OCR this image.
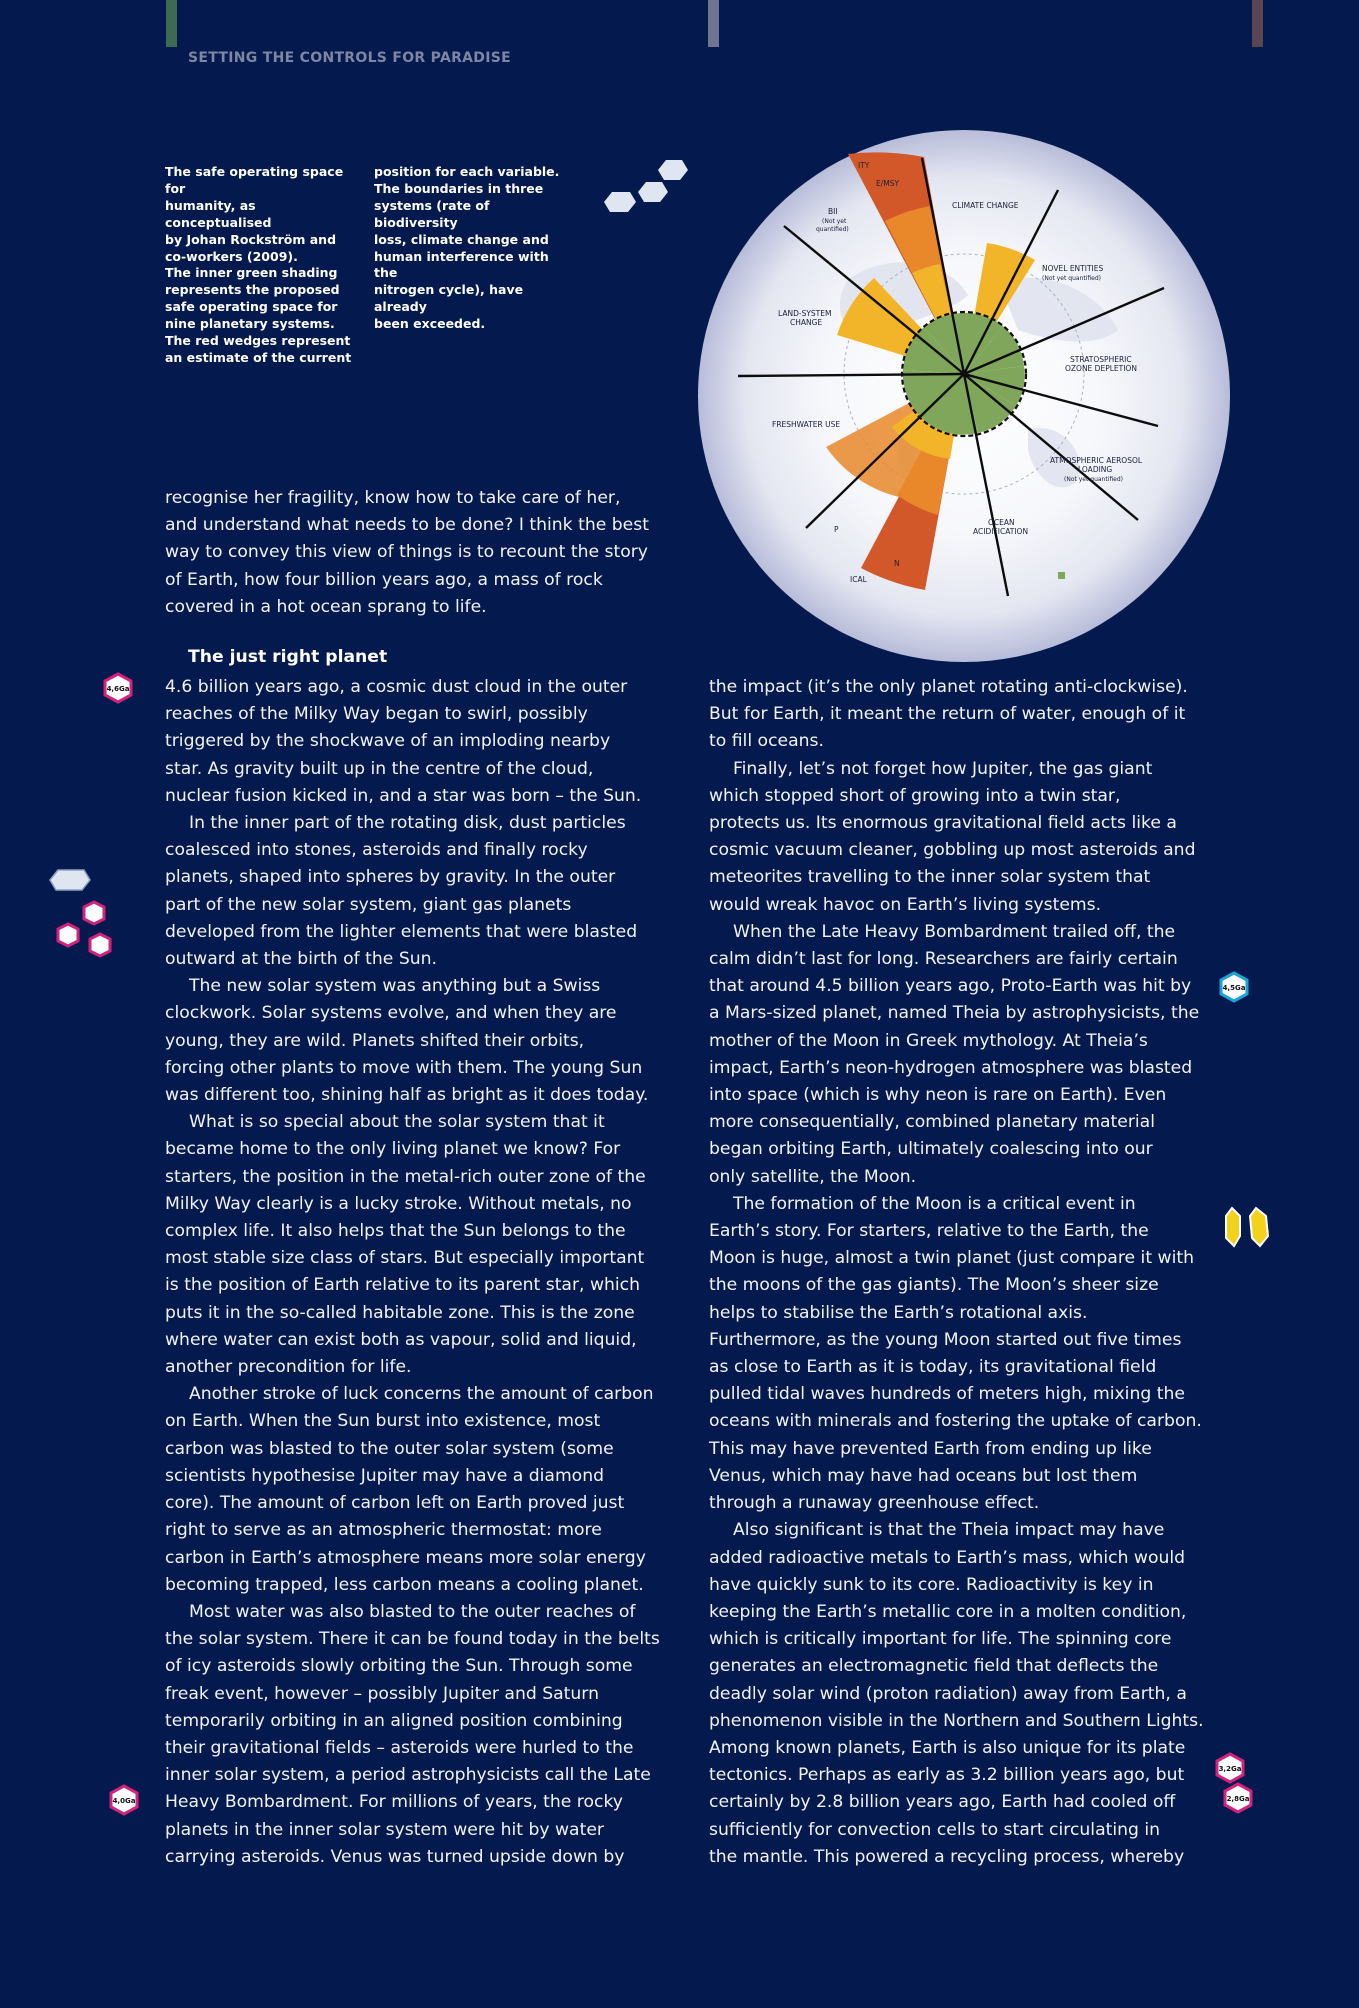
SETTING THE CONTROLS FOR PARADISE

The safe operating space for

humanity, as conceptualised

by Johan Rockström and

co-workers (2009).

The inner green shading

represents the proposed

safe operating space for

nine planetary systems.

The red wedges represent

an estimate of the current

position for each variable.

The boundaries in three

systems (rate of biodiversity

loss, climate change and

human interference with the

nitrogen cycle), have already

been exceeded.

ITY
E/MSY
BII
(Not yet
quantified)
CLIMATE CHANGE
NOVEL ENTITIES
(Not yet quantified)
LAND-SYSTEM
CHANGE
STRATOSPHERIC
OZONE DEPLETION
FRESHWATER USE
ATMOSPHERIC AEROSOL
LOADING
(Not yet quantified)
OCEAN
ACIDIFICATION
P
N
ICAL

recognise her fragility, know how to take care of her,

and understand what needs to be done? I think the best

way to convey this view of things is to recount the story

of Earth, how four billion years ago, a mass of rock

covered in a hot ocean sprang to life.

The just right planet

4.6 billion years ago, a cosmic dust cloud in the outer
reaches of the Milky Way began to swirl, possibly
triggered by the shockwave of an imploding nearby
star. As gravity built up in the centre of the cloud,
nuclear fusion kicked in, and a star was born – the Sun.

In the inner part of the rotating disk, dust particles
coalesced into stones, asteroids and finally rocky
planets, shaped into spheres by gravity. In the outer
part of the new solar system, giant gas planets
developed from the lighter elements that were blasted
outward at the birth of the Sun.

The new solar system was anything but a Swiss
clockwork. Solar systems evolve, and when they are
young, they are wild. Planets shifted their orbits,
forcing other plants to move with them. The young Sun
was different too, shining half as bright as it does today.

What is so special about the solar system that it
became home to the only living planet we know? For
starters, the position in the metal-rich outer zone of the
Milky Way clearly is a lucky stroke. Without metals, no
complex life. It also helps that the Sun belongs to the
most stable size class of stars. But especially important
is the position of Earth relative to its parent star, which
puts it in the so-called habitable zone. This is the zone
where water can exist both as vapour, solid and liquid,
another precondition for life.

Another stroke of luck concerns the amount of carbon
on Earth. When the Sun burst into existence, most
carbon was blasted to the outer solar system (some
scientists hypothesise Jupiter may have a diamond
core). The amount of carbon left on Earth proved just
right to serve as an atmospheric thermostat: more
carbon in Earth’s atmosphere means more solar energy
becoming trapped, less carbon means a cooling planet.

Most water was also blasted to the outer reaches of
the solar system. There it can be found today in the belts
of icy asteroids slowly orbiting the Sun. Through some
freak event, however – possibly Jupiter and Saturn
temporarily orbiting in an aligned position combining
their gravitational fields – asteroids were hurled to the
inner solar system, a period astrophysicists call the Late
Heavy Bombardment. For millions of years, the rocky
planets in the inner solar system were hit by water
carrying asteroids. Venus was turned upside down by

the impact (it’s the only planet rotating anti-clockwise).
But for Earth, it meant the return of water, enough of it
to fill oceans.

Finally, let’s not forget how Jupiter, the gas giant
which stopped short of growing into a twin star,
protects us. Its enormous gravitational field acts like a
cosmic vacuum cleaner, gobbling up most asteroids and
meteorites travelling to the inner solar system that
would wreak havoc on Earth’s living systems.

When the Late Heavy Bombardment trailed off, the
calm didn’t last for long. Researchers are fairly certain
that around 4.5 billion years ago, Proto-Earth was hit by
a Mars-sized planet, named Theia by astrophysicists, the
mother of the Moon in Greek mythology. At Theia’s
impact, Earth’s neon-hydrogen atmosphere was blasted
into space (which is why neon is rare on Earth). Even
more consequentially, combined planetary material
began orbiting Earth, ultimately coalescing into our
only satellite, the Moon.

The formation of the Moon is a critical event in
Earth’s story. For starters, relative to the Earth, the
Moon is huge, almost a twin planet (just compare it with
the moons of the gas giants). The Moon’s sheer size
helps to stabilise the Earth’s rotational axis.
Furthermore, as the young Moon started out five times
as close to Earth as it is today, its gravitational field
pulled tidal waves hundreds of meters high, mixing the
oceans with minerals and fostering the uptake of carbon.
This may have prevented Earth from ending up like
Venus, which may have had oceans but lost them
through a runaway greenhouse effect.

Also significant is that the Theia impact may have
added radioactive metals to Earth’s mass, which would
have quickly sunk to its core. Radioactivity is key in
keeping the Earth’s metallic core in a molten condition,
which is critically important for life. The spinning core
generates an electromagnetic field that deflects the
deadly solar wind (proton radiation) away from Earth, a
phenomenon visible in the Northern and Southern Lights.
Among known planets, Earth is also unique for its plate
tectonics. Perhaps as early as 3.2 billion years ago, but
certainly by 2.8 billion years ago, Earth had cooled off
sufficiently for convection cells to start circulating in
the mantle. This powered a recycling process, whereby

4,6Ga
4,5Ga
4,0Ga
3,2Ga
2,8Ga
